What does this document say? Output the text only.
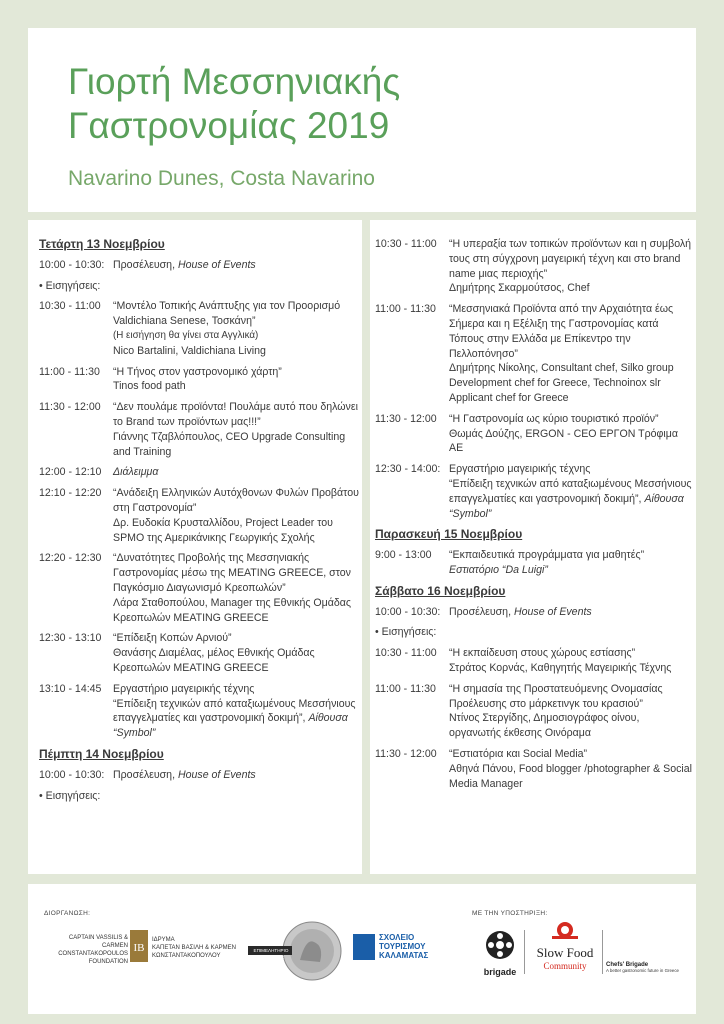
Γιορτή Μεσσηνιακής
Γαστρονομίας 2019
Navarino Dunes, Costa Navarino
Τετάρτη 13 Νοεμβρίου
10:00 - 10:30: Προσέλευση, House of Events
• Εισηγήσεις:
10:30 - 11:00	“Μοντέλο Τοπικής Ανάπτυξης για τον Προορισμό Valdichiana Senese, Τοσκάνη”
(Η εισήγηση θα γίνει στα Αγγλικά)
Nico Bartalini, Valdichiana Living
11:00 - 11:30	“Η Τήνος στον γαστρονομικό χάρτη”
Tinos food path
11:30 - 12:00	“Δεν πουλάμε προϊόντα! Πουλάμε αυτό που δηλώνει το Brand των προϊόντων μας!!!”
Γιάννης Τζαβλόπουλος, CEO Upgrade Consulting and Training
12:00 - 12:10	Διάλειμμα
12:10 - 12:20	“Ανάδειξη Ελληνικών Αυτόχθονων Φυλών Προβάτου στη Γαστρονομία”
Δρ. Ευδοκία Κρυσταλλίδου, Project Leader του SPMO της Αμερικάνικης Γεωργικής Σχολής
12:20 - 12:30	“Δυνατότητες Προβολής της Μεσσηνιακής Γαστρονομίας μέσω της MEATING GREECE, στον Παγκόσμιο Διαγωνισμό Κρεοπωλών”
Λάρα Σταθοπούλου, Manager της Εθνικής Ομάδας Κρεοπωλών MEATING GREECE
12:30 - 13:10	“Επίδειξη Κοπών Αρνιού”
Θανάσης Διαμέλας, μέλος Εθνικής Ομάδας Κρεοπωλών MEATING GREECE
13:10 - 14:45	Εργαστήριο μαγειρικής τέχνης
“Επίδειξη τεχνικών από καταξιωμένους Μεσσήνιους επαγγελματίες και γαστρονομική δοκιμή”, Αίθουσα “Symbol”
Πέμπτη 14 Νοεμβρίου
10:00 - 10:30: Προσέλευση, House of Events
• Εισηγήσεις:
10:30 - 11:00	“Η υπεραξία των τοπικών προϊόντων και η συμβολή τους στη σύγχρονη μαγειρική τέχνη και στο brand name μιας περιοχής”
Δημήτρης Σκαρμούτσος, Chef
11:00 - 11:30	“Μεσσηνιακά Προϊόντα από την Αρχαιότητα έως Σήμερα και η Εξέλιξη της Γαστρονομίας κατά Τόπους στην Ελλάδα με Επίκεντρο την Πελλοπόνησο”
Δημήτρης Νίκολης, Consultant chef, Silko group Development chef for Greece, Technoinox slr Applicant chef for Greece
11:30 - 12:00	“Η Γαστρονομία ως κύριο τουριστικό προϊόν”
Θωμάς Δούζης, ERGON - CEO ΕΡΓΟΝ Τρόφιμα ΑΕ
12:30 - 14:00: Εργαστήριο μαγειρικής τέχνης
“Επίδειξη τεχνικών από καταξιωμένους Μεσσήνιους επαγγελματίες και γαστρονομική δοκιμή”, Αίθουσα “Symbol”
Παρασκευή 15 Νοεμβρίου
9:00 - 13:00	“Εκπαιδευτικά προγράμματα για μαθητές”
Εστιατόριο “Da Luigi”
Σάββατο 16 Νοεμβρίου
10:00 - 10:30: Προσέλευση, House of Events
• Εισηγήσεις:
10:30 - 11:00	“Η εκπαίδευση στους χώρους εστίασης”
Στράτος Κορνάς, Καθηγητής Μαγειρικής Τέχνης
11:00 - 11:30	“Η σημασία της Προστατευόμενης Ονομασίας Προέλευσης στο μάρκετινγκ του κρασιού”
Ντίνος Στεργίδης, Δημοσιογράφος οίνου, οργανωτής έκθεσης Οινόραμα
11:30 - 12:00	“Εστιατόρια και Social Media”
Αθηνά Πάνου, Food blogger /photographer & Social Media Manager
ΔΙΟΡΓΑΝΩΣΗ:	ΜΕ ΤΗΝ ΥΠΟΣΤΗΡΙΞΗ:
CAPTAIN VASSILIS & CARMEN
CONSTANTAKOPOULOS
FOUNDATION
IB
ΙΔΡΥΜΑ
ΚΑΠΕΤΑΝ ΒΑΣΙΛΗ & ΚΑΡΜΕΝ
ΚΩΝΣΤΑΝΤΑΚΟΠΟΥΛΟΥ
ΕΠΙΜΕΛΗΤΗΡΙΟ ΜΕΣΣΗΝΙΑΣ
ΣΧΟΛΕΙΟ
ΤΟΥΡΙΣΜΟΥ
ΚΑΛΑΜΑΤΑΣ
brigade
Slow Food
Community	Chefs' Brigade
A better gastronomic future in Greece
